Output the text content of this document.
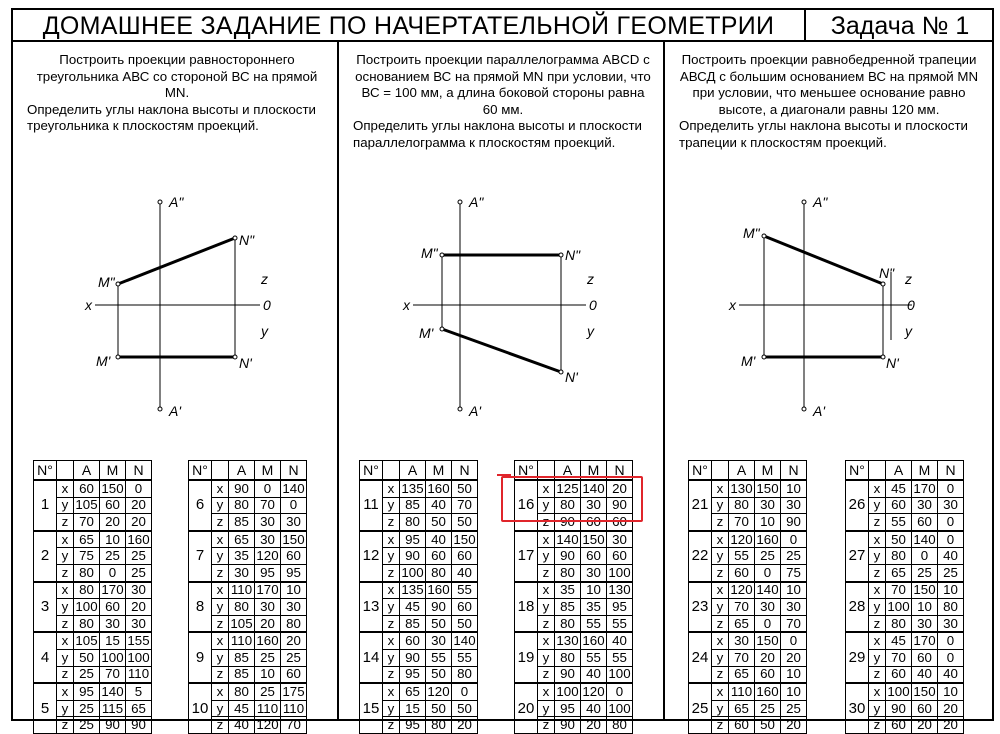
ДОМАШНЕЕ ЗАДАНИЕ ПО НАЧЕРТАТЕЛЬНОЙ ГЕОМЕТРИИ	Задача № 1

Построить проекции равностороннего треугольника АВС со стороной ВС на прямой МN.

Определить углы наклона высоты и плоскости треугольника к плоскостям проекций.

A"
A'
N"
N'
M"
M'
x
z
0
y
N°		A	M	N
1	x	60	150	0
	y	105	60	20
	z	70	20	20
2	x	65	10	160
	y	75	25	25
	z	80	0	25
3	x	80	170	30
	y	100	60	20
	z	80	30	30
4	x	105	15	155
	y	50	100	100
	z	25	70	110
5	x	95	140	5
	y	25	115	65
	z	25	90	90
N°		A	M	N
6	x	90	0	140
	y	80	70	0
	z	85	30	30
7	x	65	30	150
	y	35	120	60
	z	30	95	95
8	x	110	170	10
	y	80	30	30
	z	105	20	80
9	x	110	160	20
	y	85	25	25
	z	85	10	60
10	x	80	25	175
	y	45	110	110
	z	40	120	70

Построить проекции параллелограмма ABCD с основанием ВС на прямой МN при условии, что ВС = 100 мм, а длина боковой стороны равна 60 мм.

Определить углы наклона высоты и плоскости параллелограмма к плоскостям проекций.

A"
A'
N"
N'
M"
M'
x
z
0
y
N°		A	M	N
11	x	135	160	50
	y	85	40	70
	z	80	50	50
12	x	95	40	150
	y	90	60	60
	z	100	80	40
13	x	135	160	55
	y	45	90	60
	z	85	50	50
14	x	60	30	140
	y	90	55	55
	z	95	50	80
15	x	65	120	0
	y	15	50	50
	z	95	80	20
N°		A	M	N
16	x	125	140	20
	y	80	30	90
	z	90	60	60
17	x	140	150	30
	y	90	60	60
	z	80	30	100
18	x	35	10	130
	y	85	35	95
	z	80	55	55
19	x	130	160	40
	y	80	55	55
	z	90	40	100
20	x	100	120	0
	y	95	40	100
	z	90	20	80

Построить проекции равнобедренной трапеции АВСД с большим основанием ВС на прямой МN при условии, что меньшее основание равно высоте, а диагонали равны 120 мм.

Определить углы наклона высоты и плоскости трапеции к плоскостям проекций.

A"
A'
N"
N'
M"
M'
x
z
0
y
N°		A	M	N
21	x	130	150	10
	y	80	30	30
	z	70	10	90
22	x	120	160	0
	y	55	25	25
	z	60	0	75
23	x	120	140	10
	y	70	30	30
	z	65	0	70
24	x	30	150	0
	y	70	20	20
	z	65	60	10
25	x	110	160	10
	y	65	25	25
	z	60	50	20
N°		A	M	N
26	x	45	170	0
	y	60	30	30
	z	55	60	0
27	x	50	140	0
	y	80	0	40
	z	65	25	25
28	x	70	150	10
	y	100	10	80
	z	80	30	30
29	x	45	170	0
	y	70	60	0
	z	60	40	40
30	x	100	150	10
	y	90	60	20
	z	60	20	20
